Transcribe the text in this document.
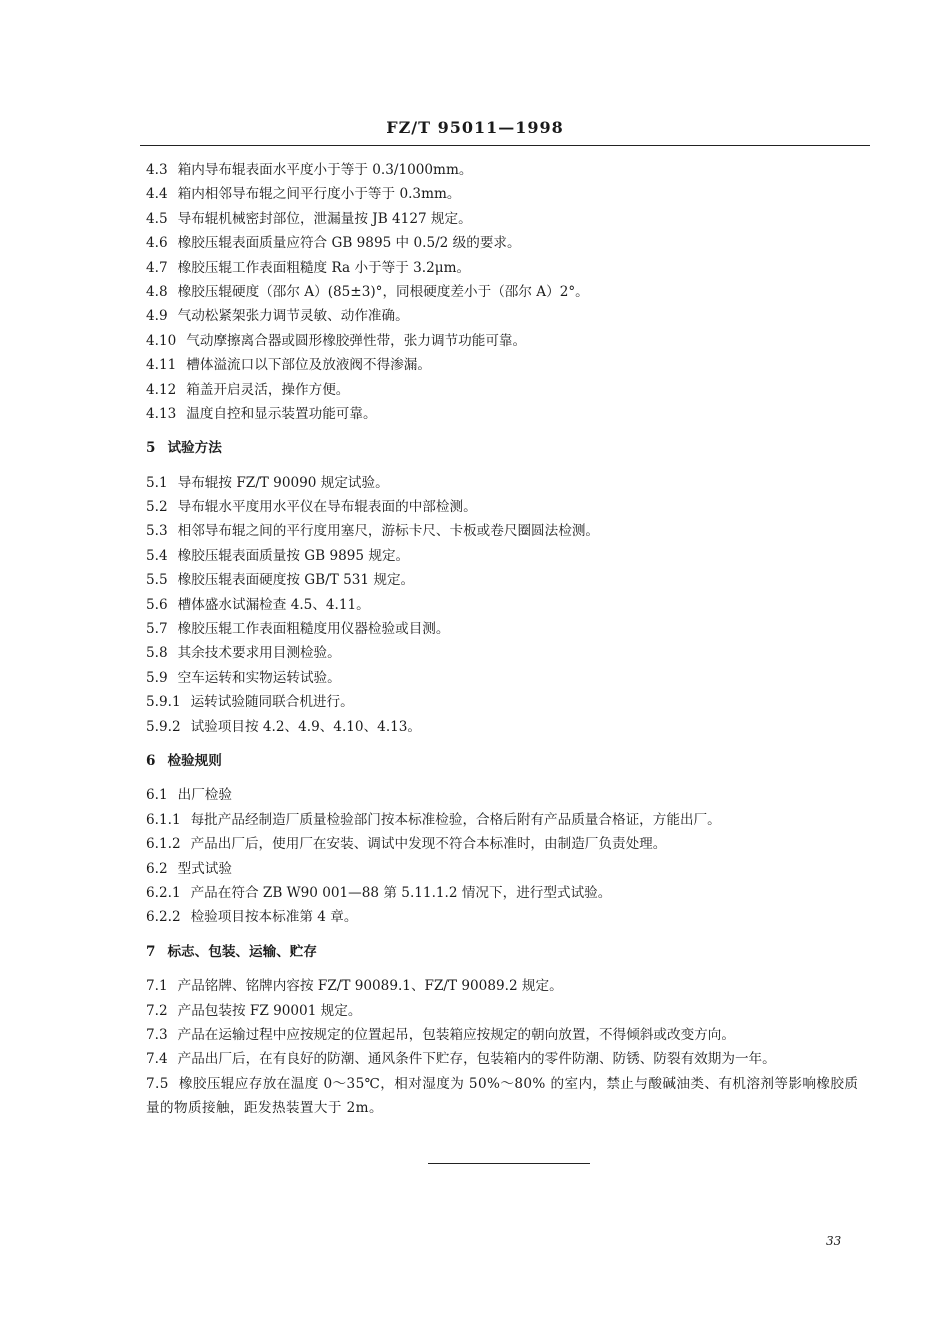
FZ/T 95011—1998
4.3 箱内导布辊表面水平度小于等于 0.3/1000mm。
4.4 箱内相邻导布辊之间平行度小于等于 0.3mm。
4.5 导布辊机械密封部位，泄漏量按 JB 4127 规定。
4.6 橡胶压辊表面质量应符合 GB 9895 中 0.5/2 级的要求。
4.7 橡胶压辊工作表面粗糙度 Ra 小于等于 3.2μm。
4.8 橡胶压辊硬度（邵尔 A）(85±3)°，同根硬度差小于（邵尔 A）2°。
4.9 气动松紧架张力调节灵敏、动作准确。
4.10 气动摩擦离合器或圆形橡胶弹性带，张力调节功能可靠。
4.11 槽体溢流口以下部位及放液阀不得渗漏。
4.12 箱盖开启灵活，操作方便。
4.13 温度自控和显示装置功能可靠。
5 试验方法
5.1 导布辊按 FZ/T 90090 规定试验。
5.2 导布辊水平度用水平仪在导布辊表面的中部检测。
5.3 相邻导布辊之间的平行度用塞尺，游标卡尺、卡板或卷尺圈圆法检测。
5.4 橡胶压辊表面质量按 GB 9895 规定。
5.5 橡胶压辊表面硬度按 GB/T 531 规定。
5.6 槽体盛水试漏检查 4.5、4.11。
5.7 橡胶压辊工作表面粗糙度用仪器检验或目测。
5.8 其余技术要求用目测检验。
5.9 空车运转和实物运转试验。
5.9.1 运转试验随同联合机进行。
5.9.2 试验项目按 4.2、4.9、4.10、4.13。
6 检验规则
6.1 出厂检验
6.1.1 每批产品经制造厂质量检验部门按本标准检验，合格后附有产品质量合格证，方能出厂。
6.1.2 产品出厂后，使用厂在安装、调试中发现不符合本标准时，由制造厂负责处理。
6.2 型式试验
6.2.1 产品在符合 ZB W90 001—88 第 5.11.1.2 情况下，进行型式试验。
6.2.2 检验项目按本标准第 4 章。
7 标志、包装、运输、贮存
7.1 产品铭牌、铭牌内容按 FZ/T 90089.1、FZ/T 90089.2 规定。
7.2 产品包装按 FZ 90001 规定。
7.3 产品在运输过程中应按规定的位置起吊，包装箱应按规定的朝向放置，不得倾斜或改变方向。
7.4 产品出厂后，在有良好的防潮、通风条件下贮存，包装箱内的零件防潮、防锈、防裂有效期为一年。
7.5 橡胶压辊应存放在温度 0～35℃，相对湿度为 50%～80% 的室内，禁止与酸碱油类、有机溶剂等影响橡胶质量的物质接触，距发热装置大于 2m。
33
